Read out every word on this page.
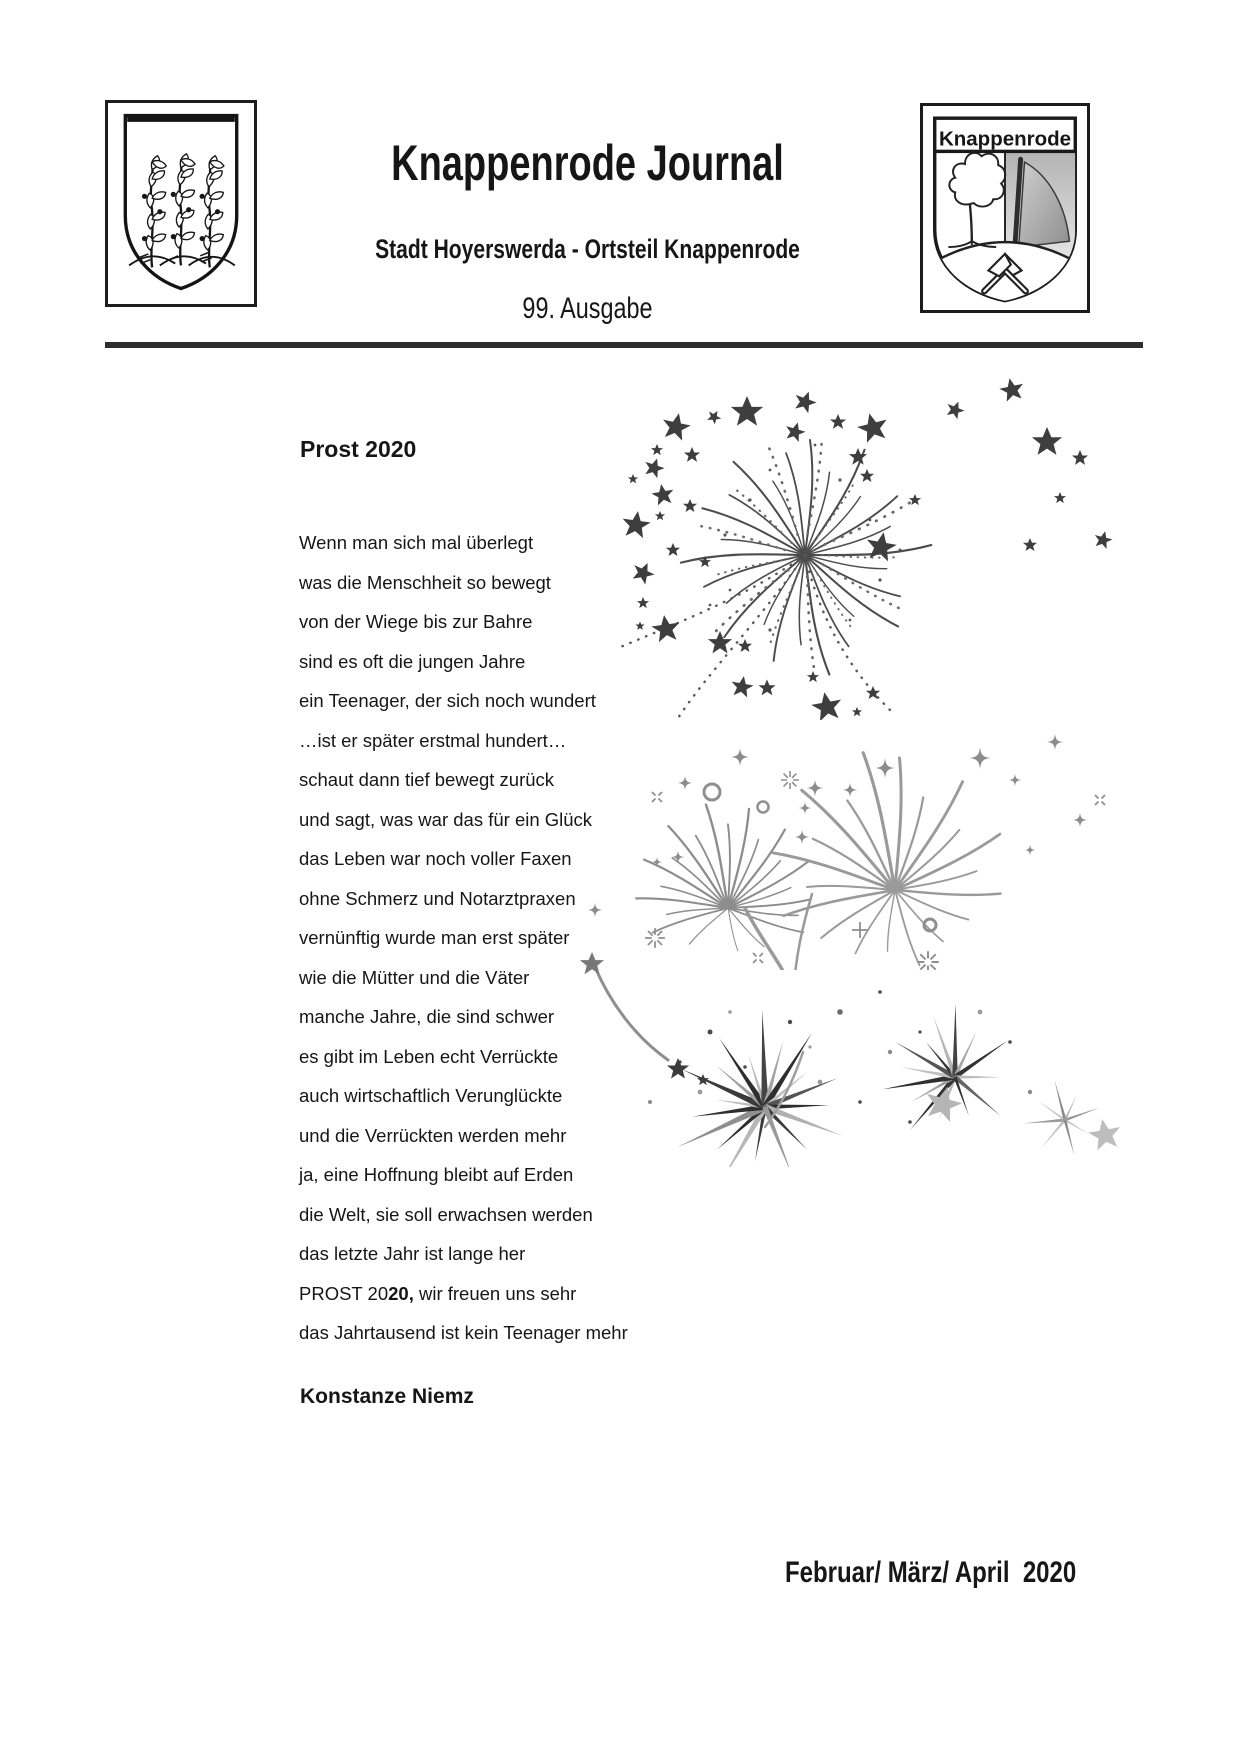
Knappenrode Journal
Stadt Hoyerswerda - Ortsteil Knappenrode
99. Ausgabe
Knappenrode
Prost 2020
Wenn man sich mal überlegt
was die Menschheit so bewegt
von der Wiege bis zur Bahre
sind es oft die jungen Jahre
ein Teenager, der sich noch wundert
…ist er später erstmal hundert…
schaut dann tief bewegt zurück
und sagt, was war das für ein Glück
das Leben war noch voller Faxen
ohne Schmerz und Notarztpraxen
vernünftig wurde man erst später
wie die Mütter und die Väter
manche Jahre, die sind schwer
es gibt im Leben echt Verrückte
auch wirtschaftlich Verunglückte
und die Verrückten werden mehr
ja, eine Hoffnung bleibt auf Erden
die Welt, sie soll erwachsen werden
das letzte Jahr ist lange her
PROST 2020, wir freuen uns sehr
das Jahrtausend ist kein Teenager mehr
Konstanze Niemz
Februar/ März/ April  2020
